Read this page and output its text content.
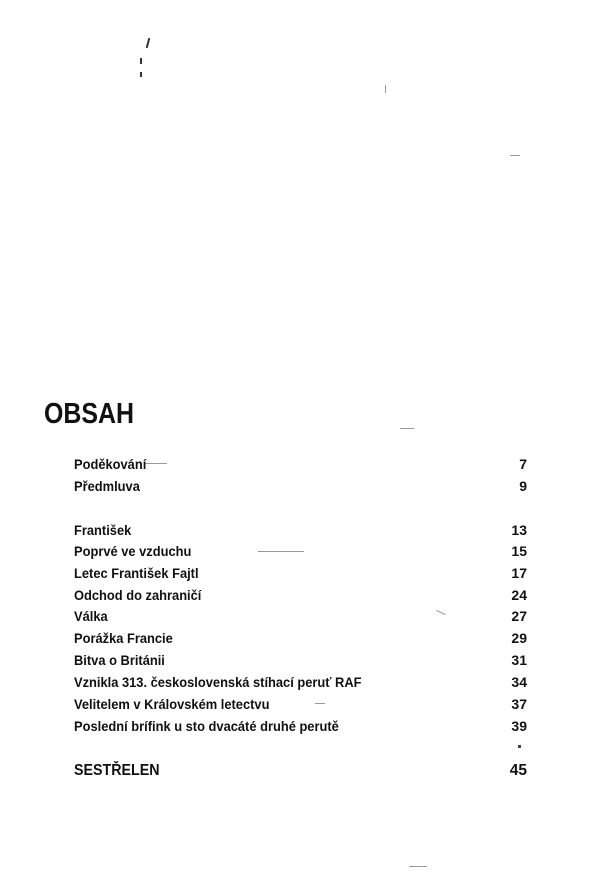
OBSAH
Poděkování	7
Předmluva	9
František	13
Poprvé ve vzduchu	15
Letec František Fajtl	17
Odchod do zahraničí	24
Válka	27
Porážka Francie	29
Bitva o Británii	31
Vznikla 313. československá stíhací peruť RAF	34
Velitelem v Královském letectvu	37
Poslední brífink u sto dvacáté druhé perutě	39
SESTŘELEN	45
